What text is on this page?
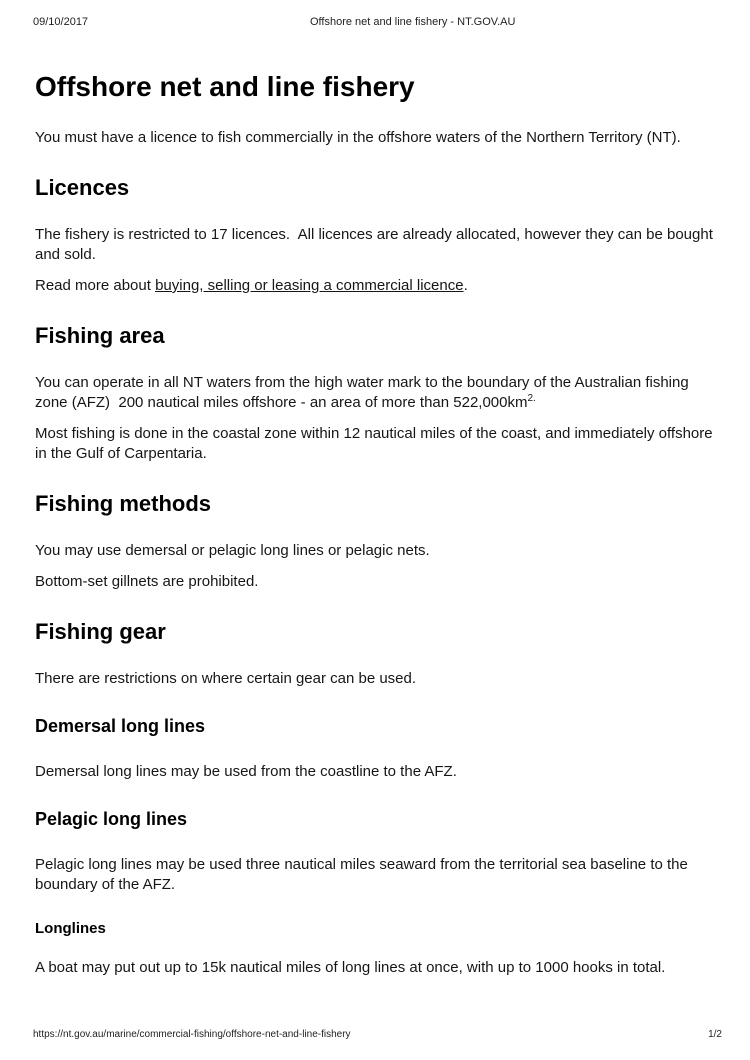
09/10/2017	Offshore net and line fishery - NT.GOV.AU
Offshore net and line fishery

You must have a licence to fish commercially in the offshore waters of the Northern Territory (NT).

Licences

The fishery is restricted to 17 licences.  All licences are already allocated, however they can be bought and sold.

Read more about buying, selling or leasing a commercial licence.

Fishing area

You can operate in all NT waters from the high water mark to the boundary of the Australian fishing zone (AFZ)  200 nautical miles offshore - an area of more than $522,000km^{2.}$

Most fishing is done in the coastal zone within 12 nautical miles of the coast, and immediately offshore in the Gulf of Carpentaria.

Fishing methods

You may use demersal or pelagic long lines or pelagic nets.

Bottom-set gillnets are prohibited.

Fishing gear

There are restrictions on where certain gear can be used.

Demersal long lines

Demersal long lines may be used from the coastline to the AFZ.

Pelagic long lines

Pelagic long lines may be used three nautical miles seaward from the territorial sea baseline to the boundary of the AFZ.

Longlines

A boat may put out up to 15k nautical miles of long lines at once, with up to 1000 hooks in total.

https://nt.gov.au/marine/commercial-fishing/offshore-net-and-line-fishery	1/2
